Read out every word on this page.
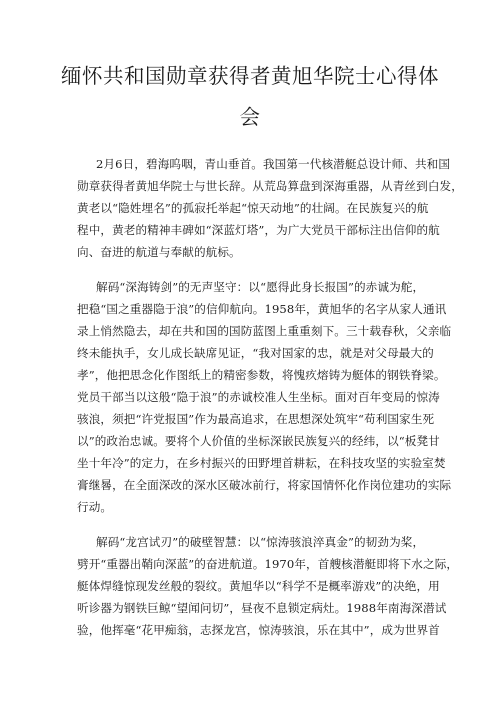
缅怀共和国勋章获得者黄旭华院士心得体
会
2月6日，碧海呜咽，青山垂首。我国第一代核潜艇总设计师、共和国
勋章获得者黄旭华院士与世长辞。从荒岛算盘到深海重器，从青丝到白发，
黄老以“隐姓埋名”的孤寂托举起“惊天动地”的壮阔。在民族复兴的航
程中，黄老的精神丰碑如“深蓝灯塔”，为广大党员干部标注出信仰的航
向、奋进的航道与奉献的航标。
解码“深海铸剑”的无声坚守：以“愿得此身长报国”的赤诚为舵，
把稳“国之重器隐于浪”的信仰航向。1958年，黄旭华的名字从家人通讯
录上悄然隐去，却在共和国的国防蓝图上重重刻下。三十载春秋，父亲临
终未能执手，女儿成长缺席见证，“我对国家的忠，就是对父母最大的
孝”，他把思念化作图纸上的精密参数，将愧疚熔铸为艇体的钢铁脊梁。
党员干部当以这般“隐于浪”的赤诚校准人生坐标。面对百年变局的惊涛
骇浪，须把“许党报国”作为最高追求，在思想深处筑牢“苟利国家生死
以”的政治忠诚。要将个人价值的坐标深嵌民族复兴的经纬，以“板凳甘
坐十年冷”的定力，在乡村振兴的田野埋首耕耘，在科技攻坚的实验室焚
膏继晷，在全面深改的深水区破冰前行，将家国情怀化作岗位建功的实际
行动。
解码“龙宫试刃”的破壁智慧：以“惊涛骇浪淬真金”的韧劲为桨，
劈开“重器出鞘向深蓝”的奋进航道。1970年，首艘核潜艇即将下水之际，
艇体焊缝惊现发丝般的裂纹。黄旭华以“科学不是概率游戏”的决绝，用
听诊器为钢铁巨鲸“望闻问切”，昼夜不息锁定病灶。1988年南海深潜试
验，他挥毫“花甲痴翁，志探龙宫，惊涛骇浪，乐在其中”，成为世界首
